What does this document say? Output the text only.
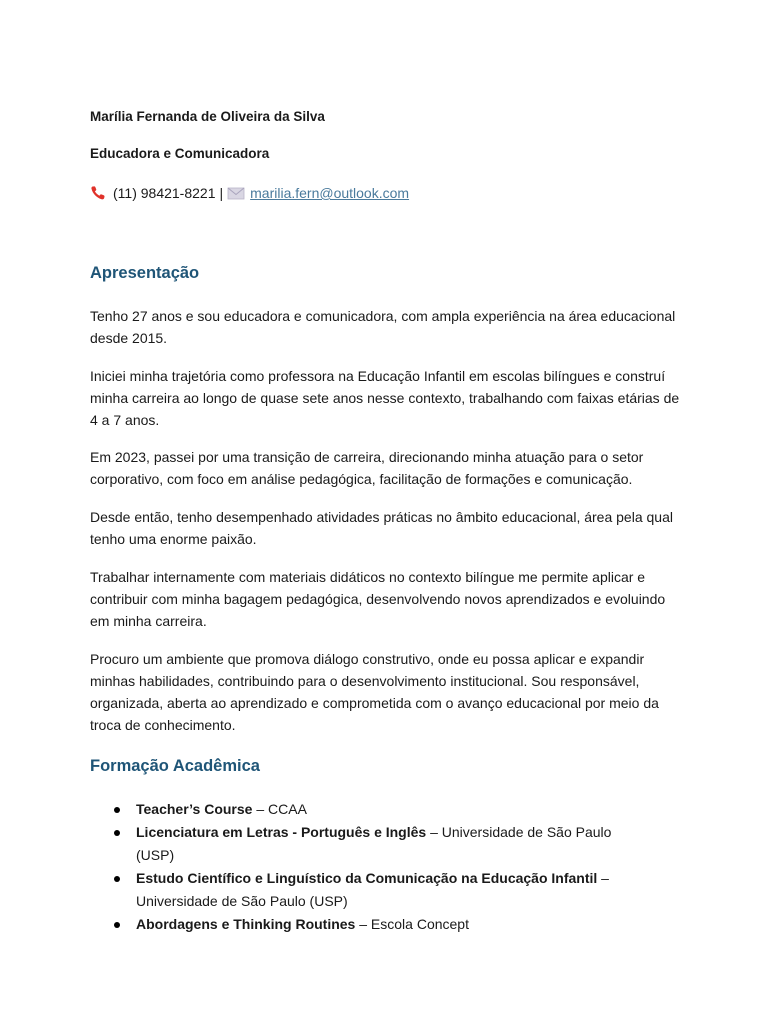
Marília Fernanda de Oliveira da Silva
Educadora e Comunicadora
(11) 98421-8221 | marilia.fern@outlook.com
Apresentação

Tenho 27 anos e sou educadora e comunicadora, com ampla experiência na área educacional desde 2015.

Iniciei minha trajetória como professora na Educação Infantil em escolas bilíngues e construí minha carreira ao longo de quase sete anos nesse contexto, trabalhando com faixas etárias de 4 a 7 anos.

Em 2023, passei por uma transição de carreira, direcionando minha atuação para o setor corporativo, com foco em análise pedagógica, facilitação de formações e comunicação.

Desde então, tenho desempenhado atividades práticas no âmbito educacional, área pela qual tenho uma enorme paixão.

Trabalhar internamente com materiais didáticos no contexto bilíngue me permite aplicar e contribuir com minha bagagem pedagógica, desenvolvendo novos aprendizados e evoluindo em minha carreira.

Procuro um ambiente que promova diálogo construtivo, onde eu possa aplicar e expandir minhas habilidades, contribuindo para o desenvolvimento institucional. Sou responsável, organizada, aberta ao aprendizado e comprometida com o avanço educacional por meio da troca de conhecimento.

Formação Acadêmica
Teacher’s Course – CCAA
Licenciatura em Letras - Português e Inglês – Universidade de São Paulo (USP)
Estudo Científico e Linguístico da Comunicação na Educação Infantil – Universidade de São Paulo (USP)
Abordagens e Thinking Routines – Escola Concept
